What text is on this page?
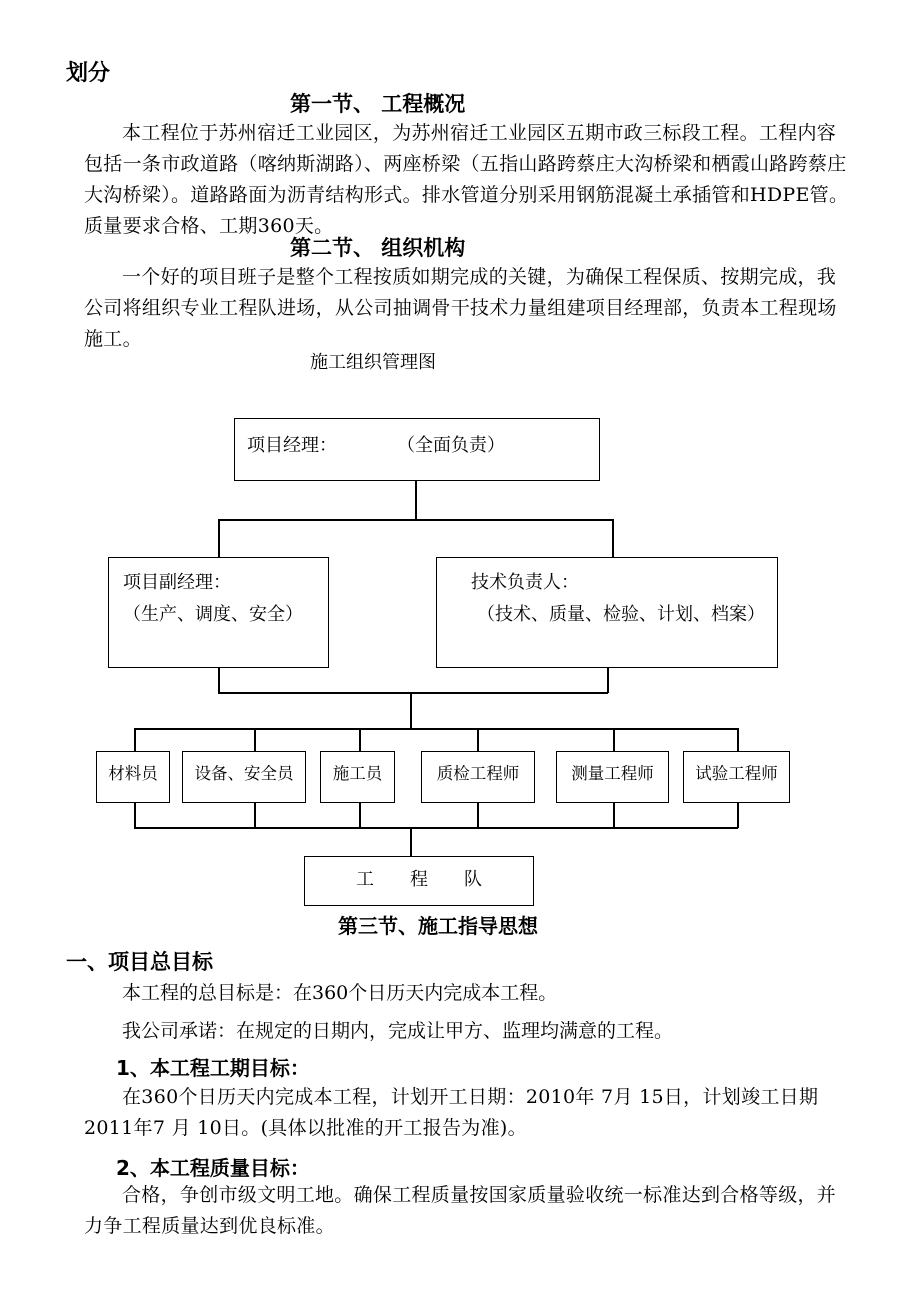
划分
第一节、 工程概况
本工程位于苏州宿迁工业园区，为苏州宿迁工业园区五期市政三标段工程。工程内容包括一条市政道路（喀纳斯湖路）、两座桥梁（五指山路跨蔡庄大沟桥梁和栖霞山路跨蔡庄大沟桥梁）。道路路面为沥青结构形式。排水管道分别采用钢筋混凝土承插管和HDPE管。质量要求合格、工期360天。
第二节、 组织机构
一个好的项目班子是整个工程按质如期完成的关键，为确保工程保质、按期完成，我公司将组织专业工程队进场，从公司抽调骨干技术力量组建项目经理部，负责本工程现场施工。
施工组织管理图
项目经理：	（全面负责）
项目副经理：
（生产、调度、安全）
技术负责人：
（技术、质量、检验、计划、档案）
材料员	设备、安全员	施工员	质检工程师	测量工程师	试验工程师
工　　程　　队
第三节、施工指导思想
一、项目总目标
本工程的总目标是：在360个日历天内完成本工程。
我公司承诺：在规定的日期内，完成让甲方、监理均满意的工程。
1、本工程工期目标：
在360个日历天内完成本工程，计划开工日期：2010年 7月 15日，计划竣工日期2011年7 月 10日。(具体以批准的开工报告为准)。
2、本工程质量目标：
合格，争创市级文明工地。确保工程质量按国家质量验收统一标准达到合格等级，并力争工程质量达到优良标准。
